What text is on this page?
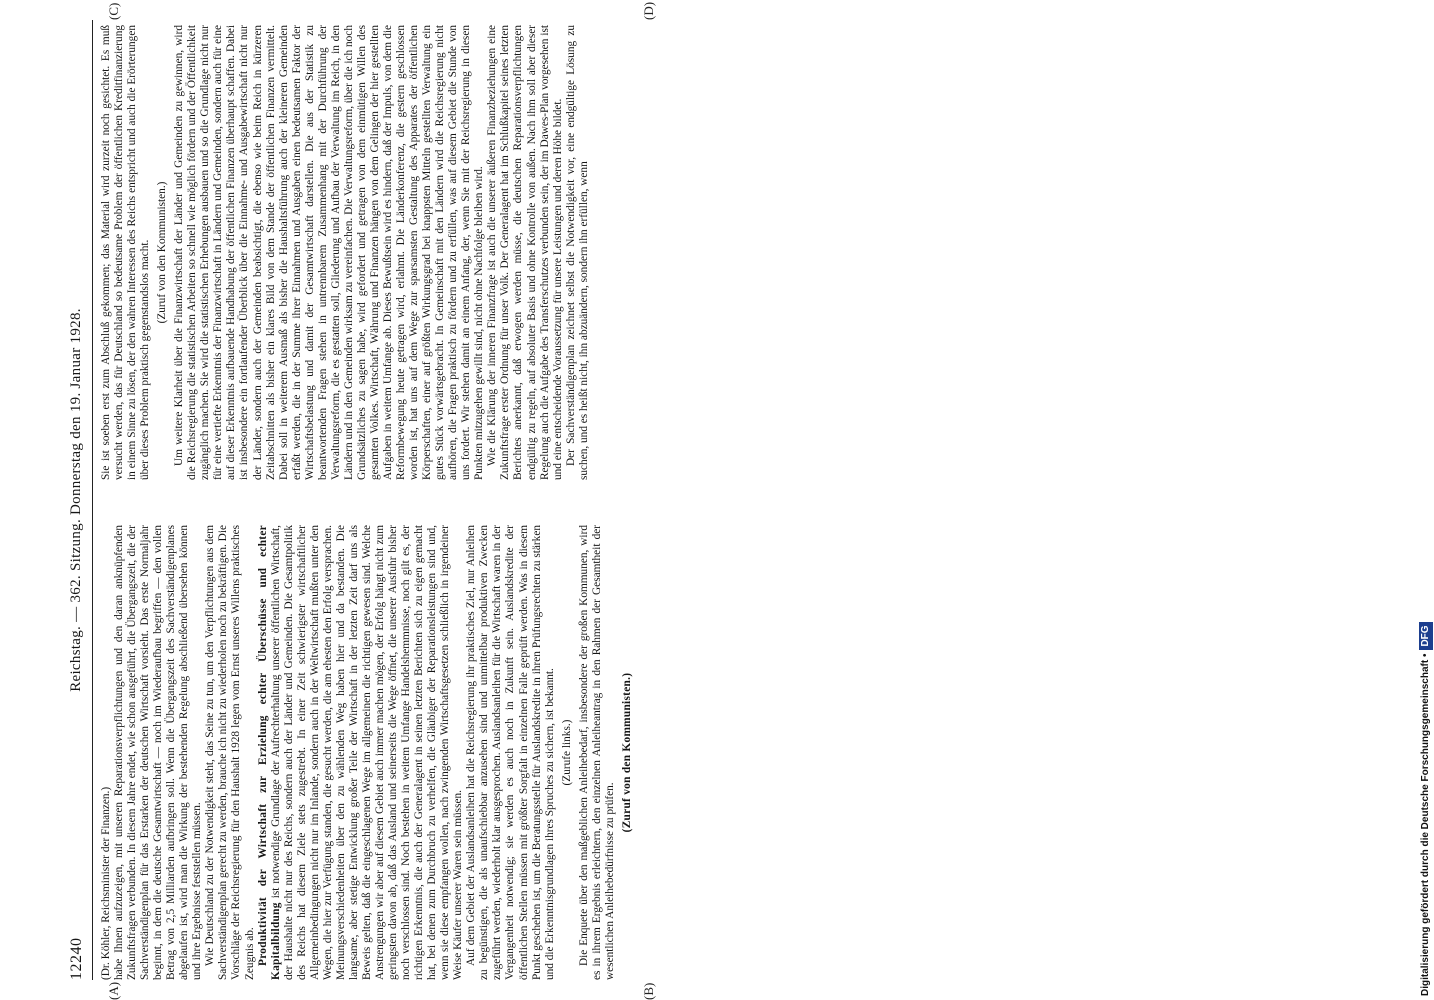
12240
Reichstag. — 362. Sitzung. Donnerstag den 19. Januar 1928.
(A)	(B)
(C)	(D)

(Dr. Köhler, Reichsminister der Finanzen.) habe Ihnen aufzuzeigen, mit unseren Reparationsverpflichtungen und den daran anknüpfenden Zukunftsfragen verbunden. In diesem Jahre endet, wie schon ausgeführt, die Übergangszeit, die der Sachverständigenplan für das Erstarken der deutschen Wirtschaft vorsieht. Das erste Normaljahr beginnt, in dem die deutsche Gesamtwirtschaft — noch im Wiederaufbau begriffen — den vollen Betrag von 2,5 Milliarden aufbringen soll. Wenn die Übergangszeit des Sachverständigenplanes abgelaufen ist, wird man die Wirkung der bestehenden Regelung abschließend übersehen können und ihre Ergebnisse feststellen müssen. Wie Deutschland zu der Notwendigkeit steht, das Seine zu tun, um den Verpflichtungen aus dem Sachverständigenplan gerecht zu werden, brauche ich nicht zu wiederholen noch zu bekräftigen. Die Vorschläge der Reichsregierung für den Haushalt 1928 legen vom Ernst unseres Willens praktisches Zeugnis ab. Produktivität der Wirtschaft zur Erzielung echter Überschüsse und echter Kapitalbildung ist notwendige Grundlage der Aufrechterhaltung unserer öffentlichen Wirtschaft, der Haushalte nicht nur des Reichs, sondern auch der Länder und Gemeinden. Die Gesamtpolitik des Reichs hat diesem Ziele stets zugestrebt. In einer Zeit schwierigster wirtschaftlicher Allgemeinbedingungen nicht nur im Inlande, sondern auch in der Weltwirtschaft mußten unter den Wegen, die hier zur Verfügung standen, die gesucht werden, die am ehesten den Erfolg versprachen. Meinungsverschiedenheiten über den zu wählenden Weg haben hier und da bestanden. Die langsame, aber stetige Entwicklung großer Teile der Wirtschaft in der letzten Zeit darf uns als Beweis gelten, daß die eingeschlagenen Wege im allgemeinen die richtigen gewesen sind. Welche Anstrengungen wir aber auf diesem Gebiet auch immer machen mögen, der Erfolg hängt nicht zum geringsten davon ab, daß das Ausland und seinerseits die Wege öffnet, die unserer Ausfuhr bisher noch verschlossen sind. Noch bestehen in weitem Umfange Handelshemmnisse, noch gilt es, der richtigen Erkenntnis, die auch der Generalagent in seinen letzten Berichten sich zu eigen gemacht hat, bei denen zum Durchbruch zu verhelfen, die Gläubiger der Reparationsleistungen sind und, wenn sie diese empfangen wollen, nach zwingenden Wirtschaftsgesetzen schließlich in irgendeiner Weise Käufer unserer Waren sein müssen. Auf dem Gebiet der Auslandsanleihen hat die Reichsregierung ihr praktisches Ziel, nur Anleihen zu begünstigen, die als unaufschiebbar anzusehen sind und unmittelbar produktiven Zwecken zugeführt werden, wiederholt klar ausgesprochen. Auslandsanleihen für die Wirtschaft waren in der Vergangenheit notwendig; sie werden es auch noch in Zukunft sein. Auslandskredite der öffentlichen Stellen müssen mit größter Sorgfalt in einzelnen Falle geprüft werden. Was in diesem Punkt geschehen ist, um die Beratungsstelle für Auslandskredite in ihren Prüfungsrechten zu stärken und die Erkenntnisgrundlagen ihres Spruches zu sichern, ist bekannt. (Zurufe links.) Die Enquete über den maßgeblichen Anleihebedarf, insbesondere der großen Kommunen, wird es in ihrem Ergebnis erleichtern, den einzelnen Anleiheantrag in den Rahmen der Gesamtheit der wesentlichen Anleihebedürfnisse zu prüfen.

(Zuruf von den Kommunisten.)

Sie ist soeben erst zum Abschluß gekommen; das Material wird zurzeit noch gesichtet. Es muß versucht werden, das für Deutschland so bedeutsame Problem der öffentlichen Kreditfinanzierung in einem Sinne zu lösen, der den wahren Interessen des Reichs entspricht und auch die Erörterungen über dieses Problem praktisch gegenstandslos macht. (Zuruf von den Kommunisten.) Um weitere Klarheit über die Finanzwirtschaft der Länder und Gemeinden zu gewinnen, wird die Reichsregierung die statistischen Arbeiten so schnell wie möglich fördern und der Öffentlichkeit zugänglich machen. Sie wird die statistischen Erhebungen ausbauen und so die Grundlage nicht nur für eine vertiefte Erkenntnis der Finanzwirtschaft in Ländern und Gemeinden, sondern auch für eine auf dieser Erkenntnis aufbauende Handhabung der öffentlichen Finanzen überhaupt schaffen. Dabei ist insbesondere ein fortlaufender Überblick über die Einnahme- und Ausgabewirtschaft nicht nur der Länder, sondern auch der Gemeinden beabsichtigt, die ebenso wie beim Reich in kürzeren Zeitabschnitten als bisher ein klares Bild von dem Stande der öffentlichen Finanzen vermittelt. Dabei soll in weiterem Ausmaß als bisher die Haushaltsführung auch der kleineren Gemeinden erfaßt werden, die in der Summe ihrer Einnahmen und Ausgaben einen bedeutsamen Faktor der Wirtschaftsbelastung und damit der Gesamtwirtschaft darstellen. Die aus der Statistik zu beantwortenden Fragen stehen in untrennbarem Zusammenhang mit der Durchführung der Verwaltungsreform, die es gestatten soll, Gliederung und Aufbau der Verwaltung im Reich, in den Ländern und in den Gemeinden wirksam zu vereinfachen. Die Verwaltungsreform, über die ich noch Grundsätzliches zu sagen habe, wird gefordert und getragen von dem einmütigen Willen des gesamten Volkes. Wirtschaft, Währung und Finanzen hängen von dem Gelingen der hier gestellten Aufgaben in weitem Umfange ab. Dieses Bewußtsein wird es hindern, daß der Impuls, von dem die Reformbewegung heute getragen wird, erlahmt. Die Länderkonferenz, die gestern geschlossen worden ist, hat uns auf dem Wege zur sparsamsten Gestaltung des Apparates der öffentlichen Körperschaften, einer auf größten Wirkungsgrad bei knappsten Mitteln gestellten Verwaltung ein gutes Stück vorwärtsgebracht. In Gemeinschaft mit den Ländern wird die Reichsregierung nicht aufhören, die Fragen praktisch zu fördern und zu erfüllen, was auf diesem Gebiet die Stunde von uns fordert. Wir stehen damit an einem Anfang, der, wenn Sie mit der Reichsregierung in diesen Punkten mitzugehen gewillt sind, nicht ohne Nachfolge bleiben wird. Wie die Klärung der inneren Finanzfrage ist auch die unserer äußeren Finanzbeziehungen eine Zukunftsfrage erster Ordnung für unser Volk. Der Generalagent hat im Schlußkapitel seines letzten Berichtes anerkannt, daß erwogen werden müsse, die deutschen Reparationsverpflichtungen endgültig zu regeln, auf absoluter Basis und ohne Kontrolle von außen. Nach ihm soll aber dieser Regelung auch die Aufgabe des Transferschutzes verbunden sein, der im Dawes-Plan vorgesehen ist und eine entscheidende Voraussetzung für unsere Leistungen und deren Höhe bildet. Der Sachverständigenplan zeichnet selbst die Notwendigkeit vor, eine endgültige Lösung zu suchen, und es heißt nicht, ihn abzuändern, sondern ihn erfüllen, wenn

Digitalisierung gefördert durch die Deutsche Forschungsgemeinschaft •DFG
